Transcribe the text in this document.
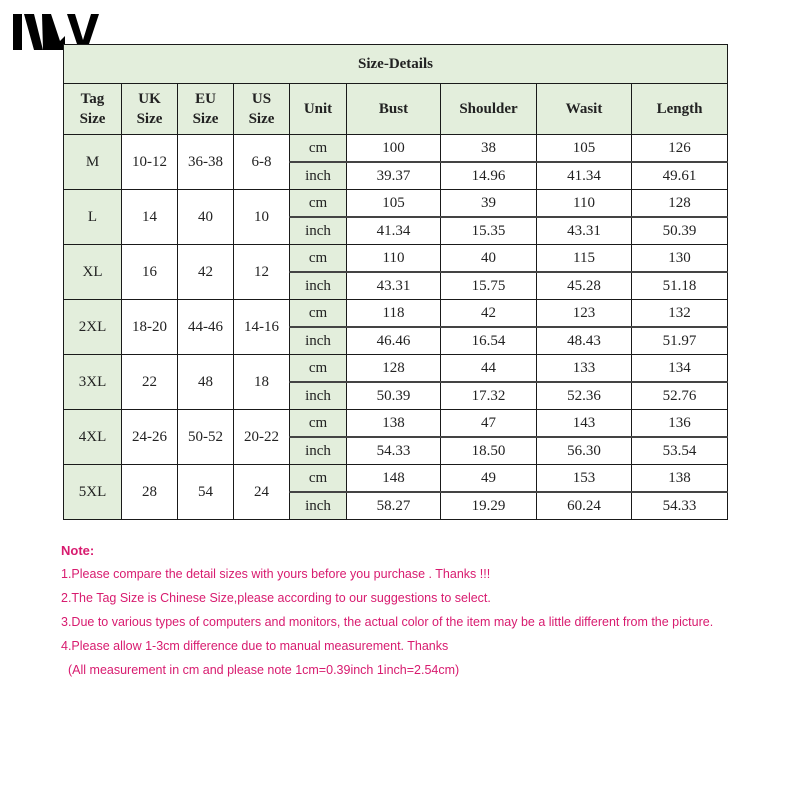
Size-Details								
Tag Size	UK Size	EU Size	US Size	Unit	Bust	Shoulder	Wasit	Length
M	10-12	36-38	6-8	cm	100	38	105	126
				inch	39.37	14.96	41.34	49.61
L	14	40	10	cm	105	39	110	128
				inch	41.34	15.35	43.31	50.39
XL	16	42	12	cm	110	40	115	130
				inch	43.31	15.75	45.28	51.18
2XL	18-20	44-46	14-16	cm	118	42	123	132
				inch	46.46	16.54	48.43	51.97
3XL	22	48	18	cm	128	44	133	134
				inch	50.39	17.32	52.36	52.76
4XL	24-26	50-52	20-22	cm	138	47	143	136
				inch	54.33	18.50	56.30	53.54
5XL	28	54	24	cm	148	49	153	138
				inch	58.27	19.29	60.24	54.33
Note:
1.Please compare the detail sizes with yours before you purchase . Thanks !!!
2.The Tag Size is Chinese Size,please according to our suggestions to select.
3.Due to various types of computers and monitors, the actual color of the item may be a little different from the picture.
4.Please allow 1-3cm difference due to manual measurement. Thanks
(All measurement in cm and please note 1cm=0.39inch 1inch=2.54cm)
